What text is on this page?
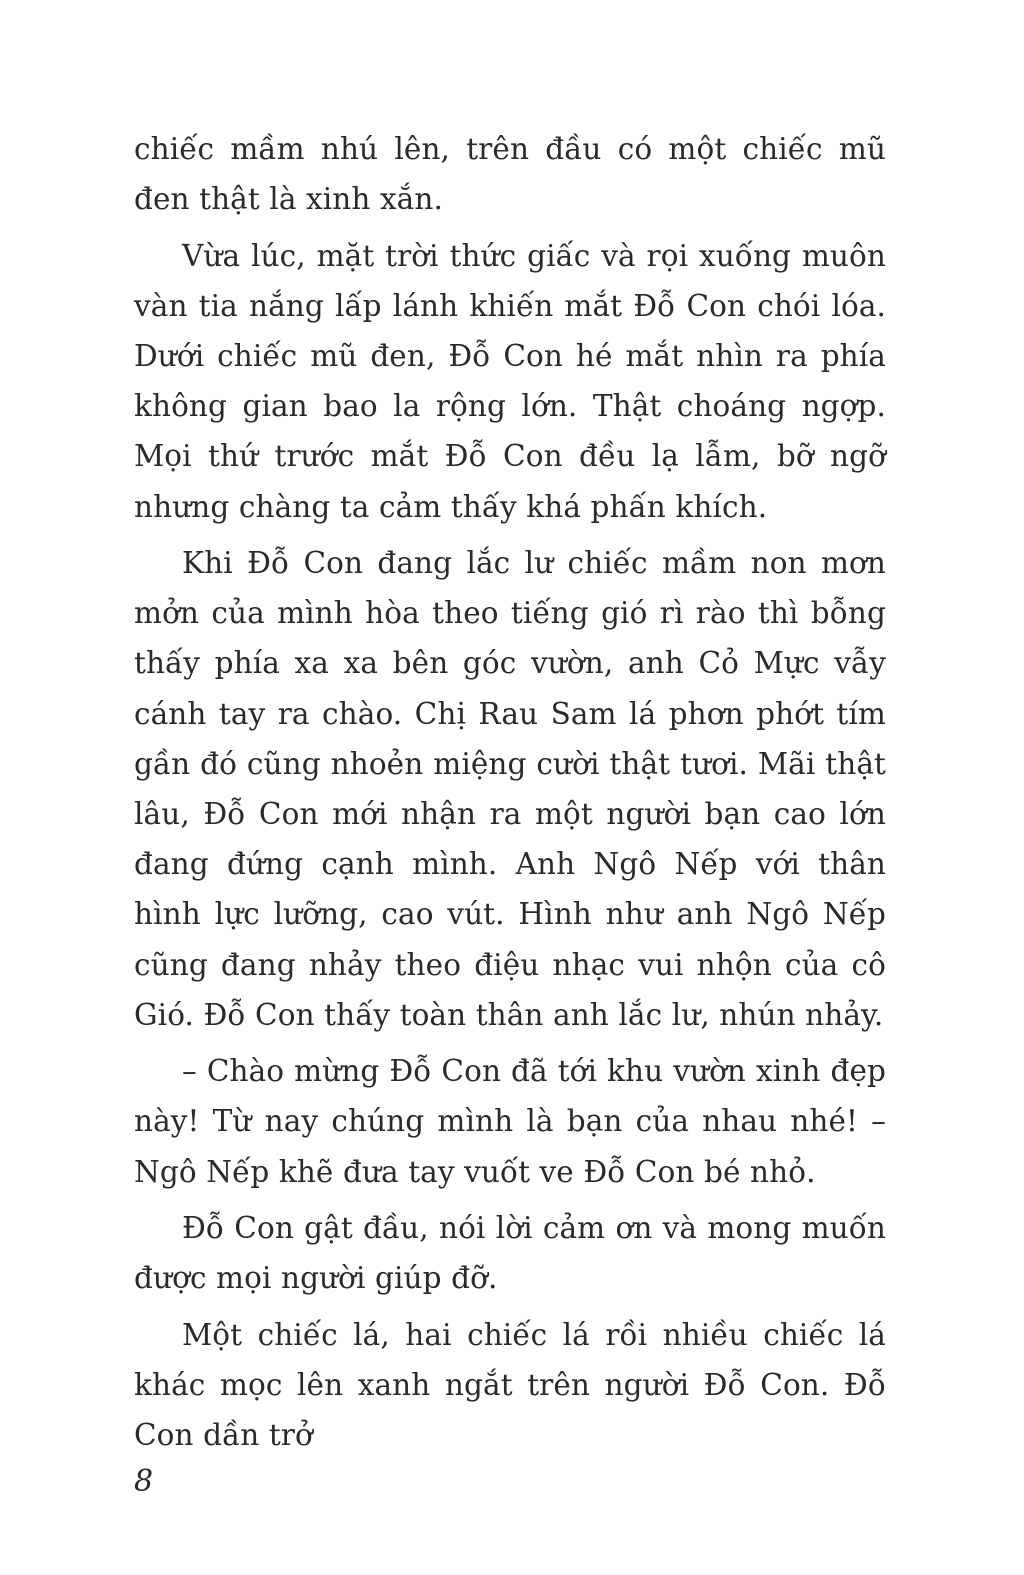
chiếc mầm nhú lên, trên đầu có một chiếc mũ đen thật là xinh xắn.

Vừa lúc, mặt trời thức giấc và rọi xuống muôn vàn tia nắng lấp lánh khiến mắt Đỗ Con chói lóa. Dưới chiếc mũ đen, Đỗ Con hé mắt nhìn ra phía không gian bao la rộng lớn. Thật choáng ngợp. Mọi thứ trước mắt Đỗ Con đều lạ lẫm, bỡ ngỡ nhưng chàng ta cảm thấy khá phấn khích.

Khi Đỗ Con đang lắc lư chiếc mầm non mơn mởn của mình hòa theo tiếng gió rì rào thì bỗng thấy phía xa xa bên góc vườn, anh Cỏ Mực vẫy cánh tay ra chào. Chị Rau Sam lá phơn phớt tím gần đó cũng nhoẻn miệng cười thật tươi. Mãi thật lâu, Đỗ Con mới nhận ra một người bạn cao lớn đang đứng cạnh mình. Anh Ngô Nếp với thân hình lực lưỡng, cao vút. Hình như anh Ngô Nếp cũng đang nhảy theo điệu nhạc vui nhộn của cô Gió. Đỗ Con thấy toàn thân anh lắc lư, nhún nhảy.

– Chào mừng Đỗ Con đã tới khu vườn xinh đẹp này! Từ nay chúng mình là bạn của nhau nhé! – Ngô Nếp khẽ đưa tay vuốt ve Đỗ Con bé nhỏ.

Đỗ Con gật đầu, nói lời cảm ơn và mong muốn được mọi người giúp đỡ.

Một chiếc lá, hai chiếc lá rồi nhiều chiếc lá khác mọc lên xanh ngắt trên người Đỗ Con. Đỗ Con dần trở

8
